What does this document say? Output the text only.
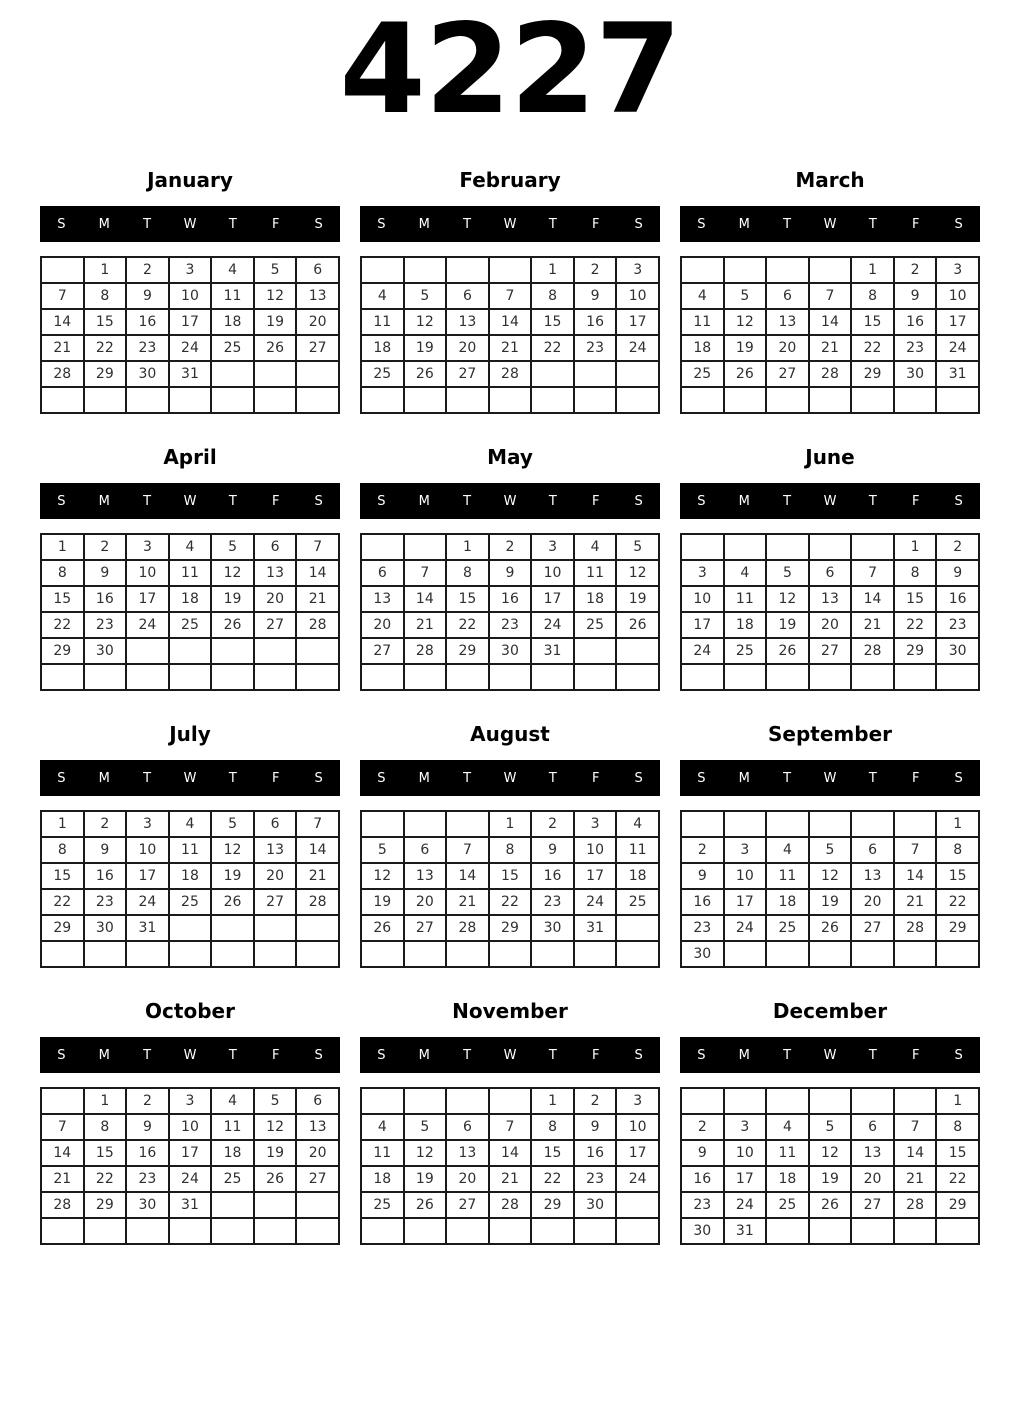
4227
January
S	M	T	W	T	F	S
	1	2	3	4	5	6
7	8	9	10	11	12	13
14	15	16	17	18	19	20
21	22	23	24	25	26	27
28	29	30	31			

February
S	M	T	W	T	F	S
				1	2	3
4	5	6	7	8	9	10
11	12	13	14	15	16	17
18	19	20	21	22	23	24
25	26	27	28			

March
S	M	T	W	T	F	S
				1	2	3
4	5	6	7	8	9	10
11	12	13	14	15	16	17
18	19	20	21	22	23	24
25	26	27	28	29	30	31

April
S	M	T	W	T	F	S
1	2	3	4	5	6	7
8	9	10	11	12	13	14
15	16	17	18	19	20	21
22	23	24	25	26	27	28
29	30					

May
S	M	T	W	T	F	S
		1	2	3	4	5
6	7	8	9	10	11	12
13	14	15	16	17	18	19
20	21	22	23	24	25	26
27	28	29	30	31		

June
S	M	T	W	T	F	S
					1	2
3	4	5	6	7	8	9
10	11	12	13	14	15	16
17	18	19	20	21	22	23
24	25	26	27	28	29	30

July
S	M	T	W	T	F	S
1	2	3	4	5	6	7
8	9	10	11	12	13	14
15	16	17	18	19	20	21
22	23	24	25	26	27	28
29	30	31				

August
S	M	T	W	T	F	S
			1	2	3	4
5	6	7	8	9	10	11
12	13	14	15	16	17	18
19	20	21	22	23	24	25
26	27	28	29	30	31	

September
S	M	T	W	T	F	S
						1
2	3	4	5	6	7	8
9	10	11	12	13	14	15
16	17	18	19	20	21	22
23	24	25	26	27	28	29
30						
October
S	M	T	W	T	F	S
	1	2	3	4	5	6
7	8	9	10	11	12	13
14	15	16	17	18	19	20
21	22	23	24	25	26	27
28	29	30	31			

November
S	M	T	W	T	F	S
				1	2	3
4	5	6	7	8	9	10
11	12	13	14	15	16	17
18	19	20	21	22	23	24
25	26	27	28	29	30	

December
S	M	T	W	T	F	S
						1
2	3	4	5	6	7	8
9	10	11	12	13	14	15
16	17	18	19	20	21	22
23	24	25	26	27	28	29
30	31					
